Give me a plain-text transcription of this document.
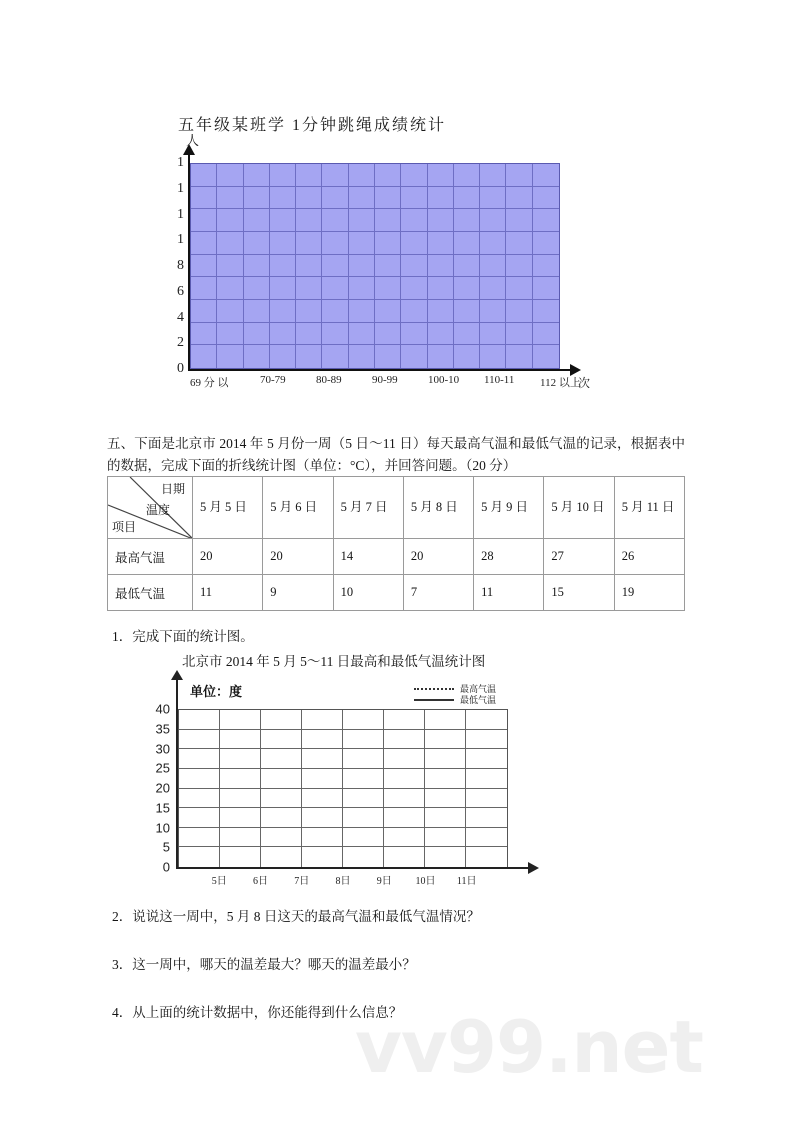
vv99.net
五年级某班学 1分钟跳绳成绩统计
人
1
1
1
1
8
6
4
2
0
69 分 以	70-79	80-89	90-99	100-10 110-11 112 以上
次
五、下面是北京市 2014 年 5 月份一周（5 日～11 日）每天最高气温和最低气温的记录，根据表中的数据，完成下面的折线统计图（单位：°C），并回答问题。（20 分）
日期
温度
项目	5 月 5 日	5 月 6 日	5 月 7 日	5 月 8 日	5 月 9 日	5 月 10 日	5 月 11 日
最高气温	20	20	14	20	28	27	26
最低气温	11	9	10	7	11	15	19
1．完成下面的统计图。
北京市 2014 年 5 月 5～11 日最高和最低气温统计图
单位：度	最高气温
最低气温
40
35
30
25
20
15
10
5
0
5日	6日	7日	8日	9日 10日 11日
2．说说这一周中，5 月 8 日这天的最高气温和最低气温情况？
3．这一周中，哪天的温差最大？哪天的温差最小？
4．从上面的统计数据中，你还能得到什么信息？
